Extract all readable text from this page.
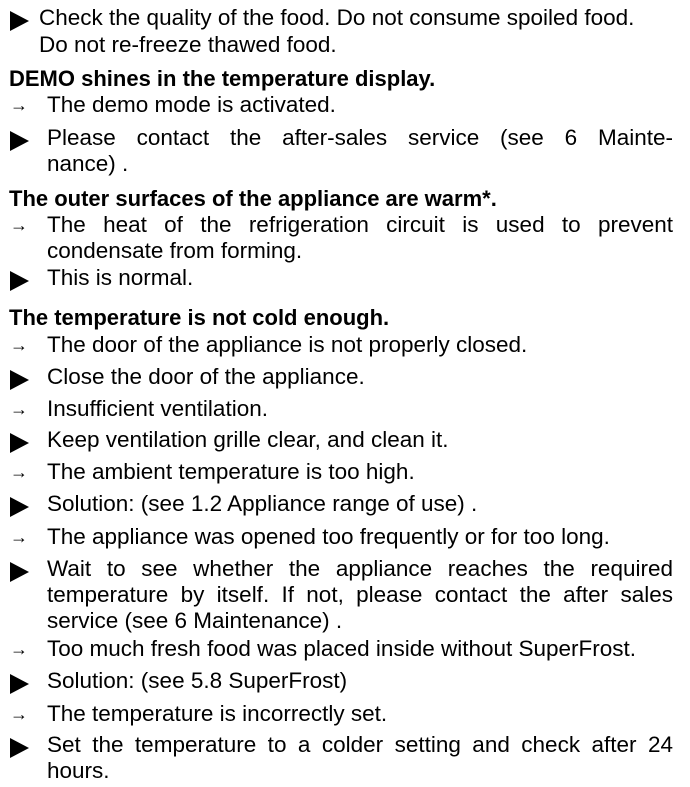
Check the quality of the food. Do not consume spoiled food.
Do not re-freeze thawed food.
DEMO shines in the temperature display.
→ The demo mode is activated.
Please contact the after-sales service (see 6 Mainte-
nance) .
The outer surfaces of the appliance are warm*.
→ The heat of the refrigeration circuit is used to prevent
condensate from forming.
This is normal.
The temperature is not cold enough.
→ The door of the appliance is not properly closed.
Close the door of the appliance.
→ Insufficient ventilation.
Keep ventilation grille clear, and clean it.
→ The ambient temperature is too high.
Solution: (see 1.2 Appliance range of use) .
→ The appliance was opened too frequently or for too long.
Wait to see whether the appliance reaches the required
temperature by itself. If not, please contact the after sales
service (see 6 Maintenance) .
→ Too much fresh food was placed inside without SuperFrost.
Solution: (see 5.8 SuperFrost)
→ The temperature is incorrectly set.
Set the temperature to a colder setting and check after 24
hours.
